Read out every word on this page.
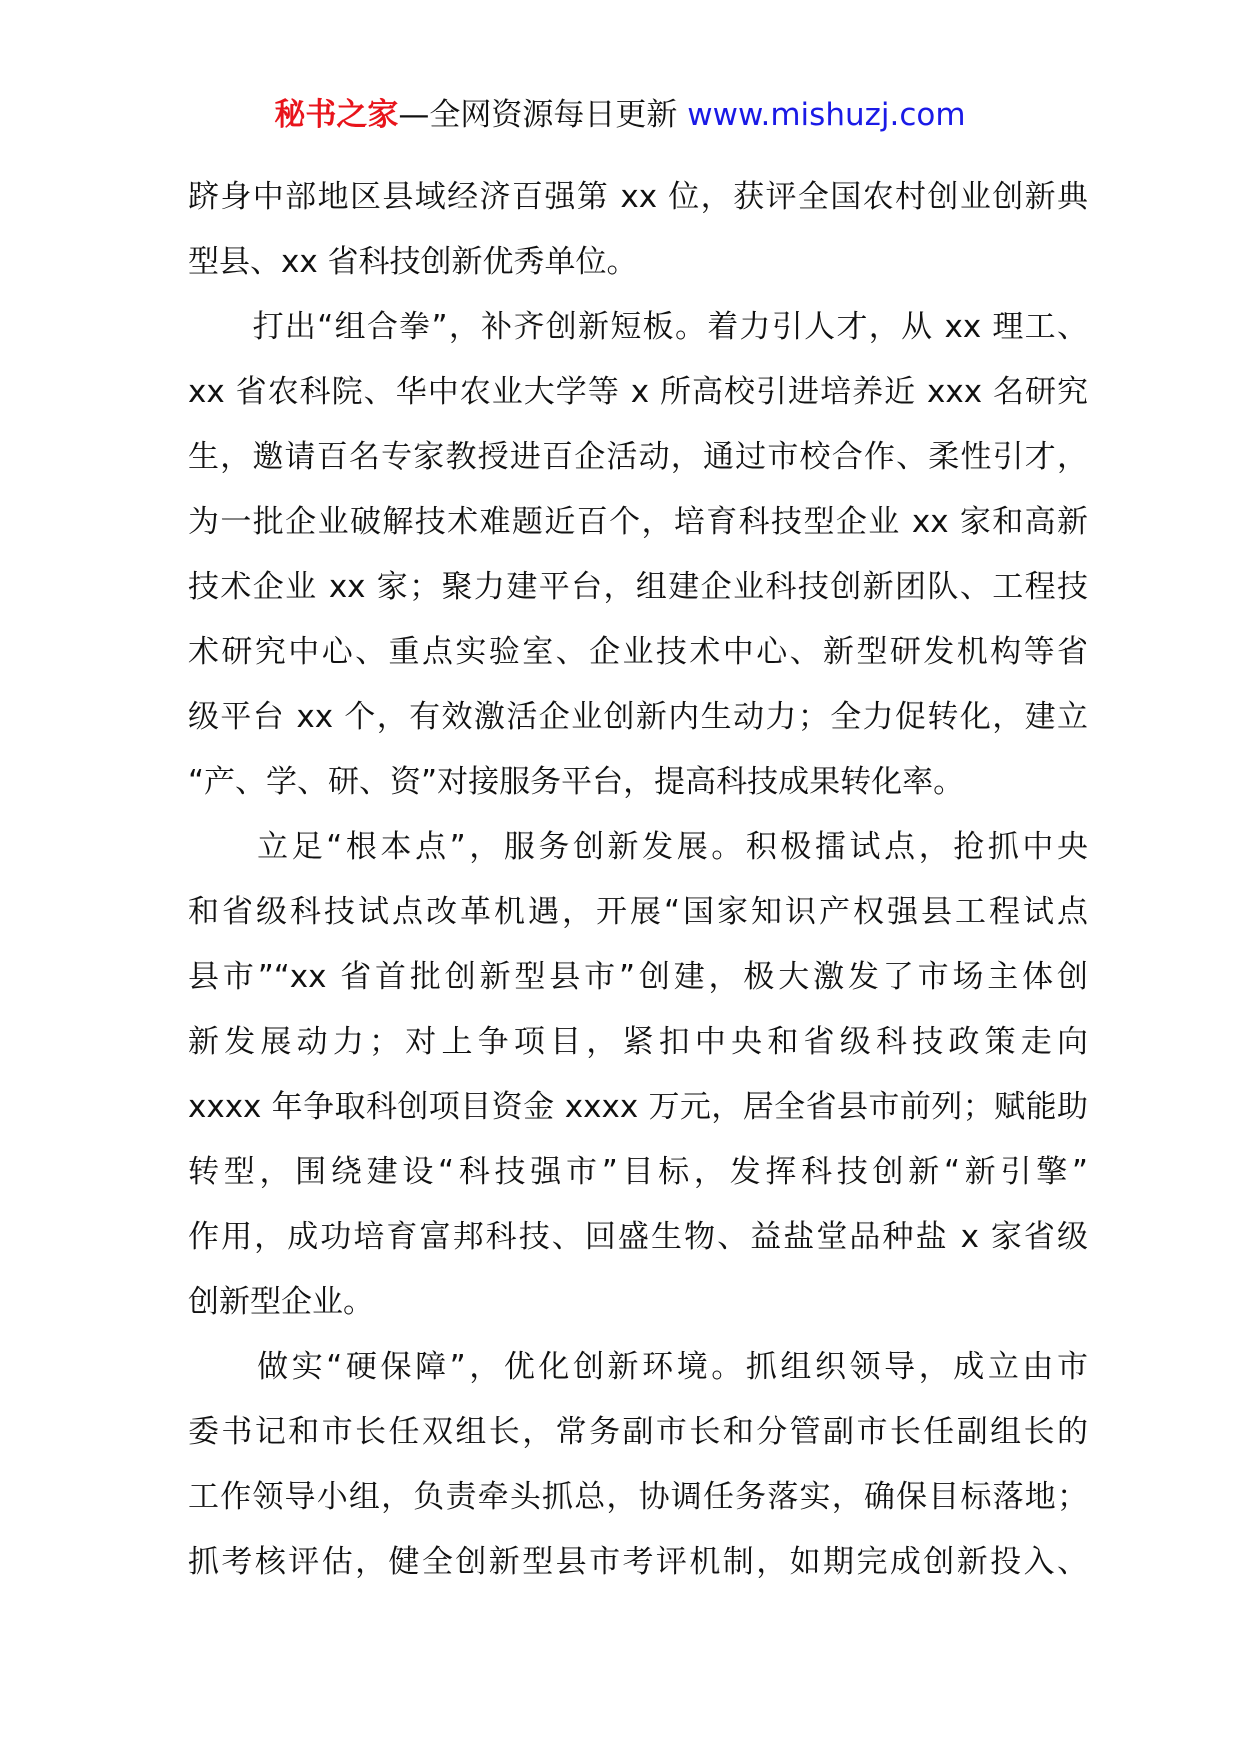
秘书之家—全网资源每日更新 www.mishuzj.com
跻身中部地区县域经济百强第 xx 位，获评全国农村创业创新典
型县、xx 省科技创新优秀单位。
　　打出“组合拳”，补齐创新短板。着力引人才，从 xx 理工、
xx 省农科院、华中农业大学等 x 所高校引进培养近 xxx 名研究
生，邀请百名专家教授进百企活动，通过市校合作、柔性引才，
为一批企业破解技术难题近百个，培育科技型企业 xx 家和高新
技术企业 xx 家；聚力建平台，组建企业科技创新团队、工程技
术研究中心、重点实验室、企业技术中心、新型研发机构等省
级平台 xx 个，有效激活企业创新内生动力；全力促转化，建立
“产、学、研、资”对接服务平台，提高科技成果转化率。
　　立足“根本点”，服务创新发展。积极擂试点，抢抓中央
和省级科技试点改革机遇，开展“国家知识产权强县工程试点
县市”“xx 省首批创新型县市”创建，极大激发了市场主体创
新发展动力；对上争项目，紧扣中央和省级科技政策走向
xxxx 年争取科创项目资金 xxxx 万元，居全省县市前列；赋能助
转型，围绕建设“科技强市”目标，发挥科技创新“新引擎”
作用，成功培育富邦科技、回盛生物、益盐堂品种盐 x 家省级
创新型企业。
　　做实“硬保障”，优化创新环境。抓组织领导，成立由市
委书记和市长任双组长，常务副市长和分管副市长任副组长的
工作领导小组，负责牵头抓总，协调任务落实，确保目标落地；
抓考核评估，健全创新型县市考评机制，如期完成创新投入、
